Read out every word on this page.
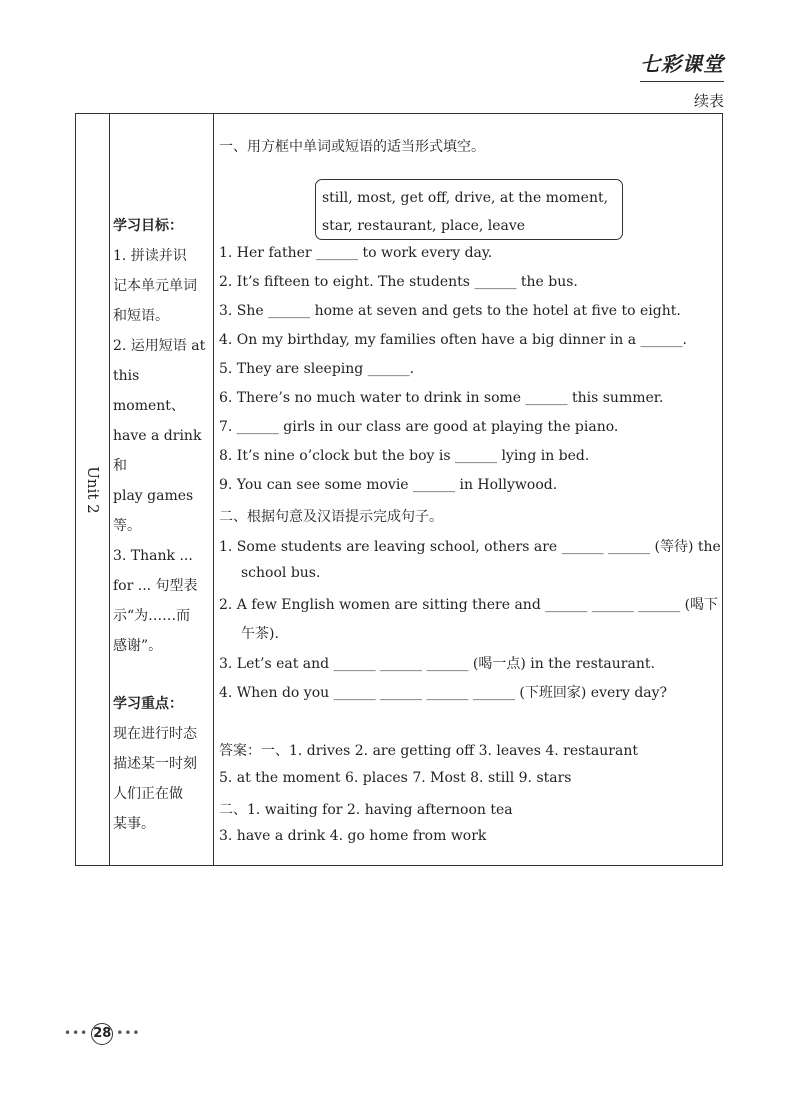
七彩课堂
续表
Unit 2
学习目标：
1. 拼读并识
记本单元单词
和短语。
2. 运用短语 at
this moment、
have a drink 和
play games 等。
3. Thank ...
for ... 句型表
示“为……而
感谢”。
学习重点：
现在进行时态
描述某一时刻
人们正在做
某事。
一、用方框中单词或短语的适当形式填空。
still, most, get off, drive, at the moment,
star, restaurant, place, leave
1. Her father ______ to work every day.
2. It’s fifteen to eight. The students ______ the bus.
3. She ______ home at seven and gets to the hotel at five to eight.
4. On my birthday, my families often have a big dinner in a ______.
5. They are sleeping ______.
6. There’s no much water to drink in some ______ this summer.
7. ______ girls in our class are good at playing the piano.
8. It’s nine o’clock but the boy is ______ lying in bed.
9. You can see some movie ______ in Hollywood.
二、根据句意及汉语提示完成句子。
1. Some students are leaving school, others are ______ ______ (等待) the
school bus.
2. A few English women are sitting there and ______ ______ ______ (喝下
午茶).
3. Let’s eat and ______ ______ ______ (喝一点) in the restaurant.
4. When do you ______ ______ ______ ______ (下班回家) every day?
答案：一、1. drives 2. are getting off 3. leaves 4. restaurant
5. at the moment 6. places 7. Most 8. still 9. stars
二、1. waiting for 2. having afternoon tea
3. have a drink 4. go home from work
••• 28 •••
